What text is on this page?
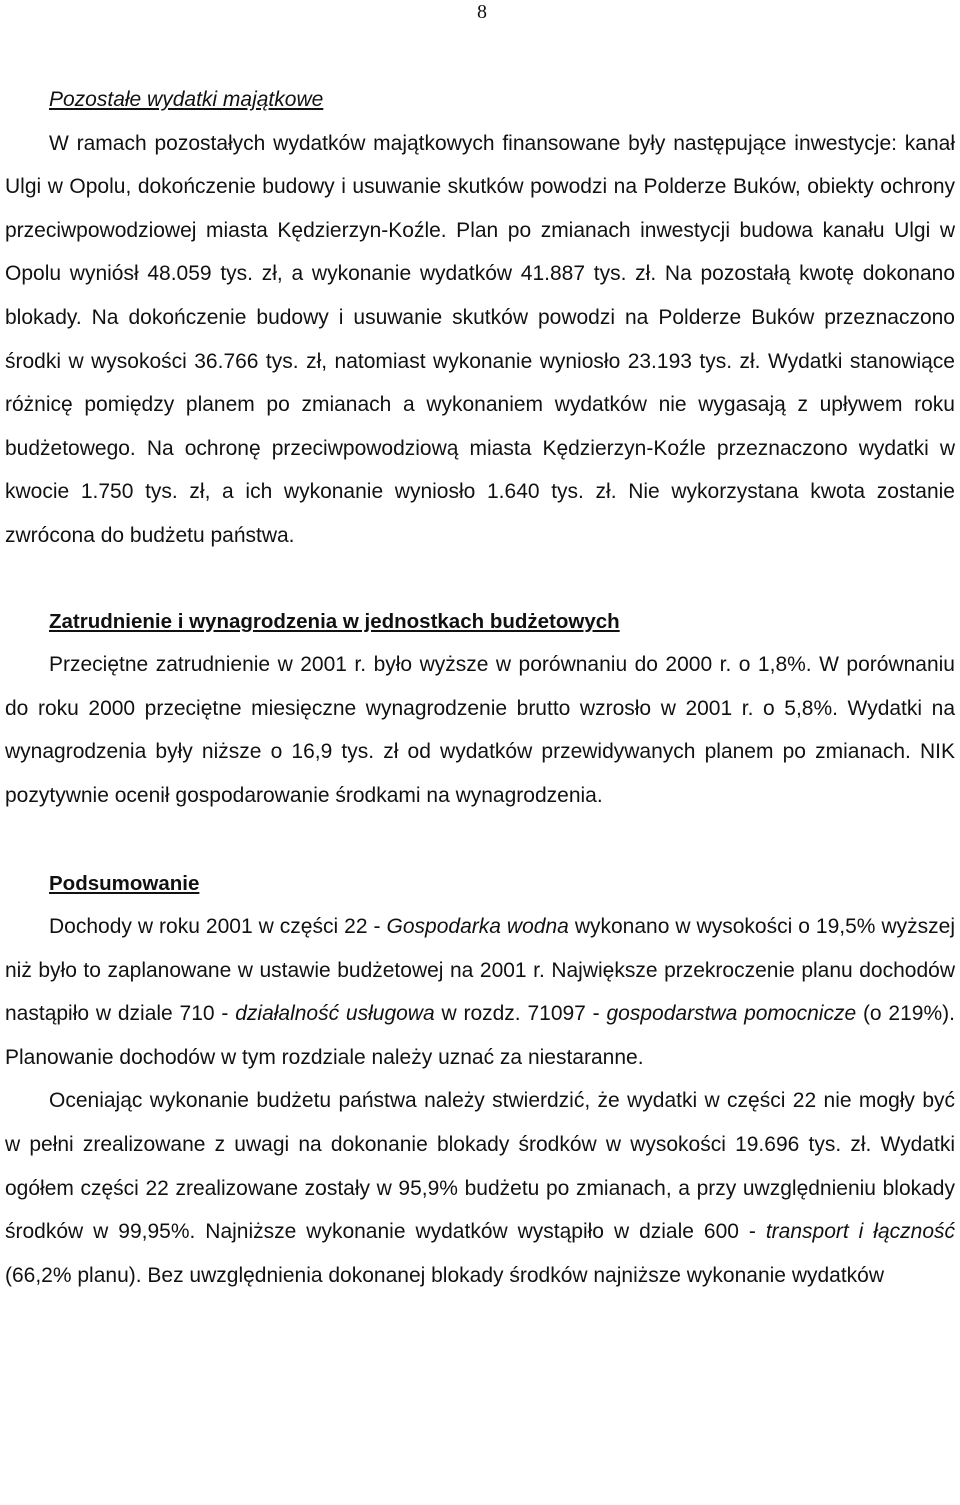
8
Pozostałe wydatki majątkowe

W ramach pozostałych wydatków majątkowych finansowane były następujące inwestycje: kanał Ulgi w Opolu, dokończenie budowy i usuwanie skutków powodzi na Polderze Buków, obiekty ochrony przeciwpowodziowej miasta Kędzierzyn-Koźle. Plan po zmianach inwestycji budowa kanału Ulgi w Opolu wyniósł 48.059 tys. zł, a wykonanie wydatków 41.887 tys. zł. Na pozostałą kwotę dokonano blokady. Na dokończenie budowy i usuwanie skutków powodzi na Polderze Buków przeznaczono środki w wysokości 36.766 tys. zł, natomiast wykonanie wyniosło 23.193 tys. zł. Wydatki stanowiące różnicę pomiędzy planem po zmianach a wykonaniem wydatków nie wygasają z upływem roku budżetowego. Na ochronę przeciwpowodziową miasta Kędzierzyn-Koźle przeznaczono wydatki w kwocie 1.750 tys. zł, a ich wykonanie wyniosło 1.640 tys. zł. Nie wykorzystana kwota zostanie zwrócona do budżetu państwa.

Zatrudnienie i wynagrodzenia w jednostkach budżetowych

Przeciętne zatrudnienie w 2001 r. było wyższe w porównaniu do 2000 r. o 1,8%. W porównaniu do roku 2000 przeciętne miesięczne wynagrodzenie brutto wzrosło w 2001 r. o 5,8%. Wydatki na wynagrodzenia były niższe o 16,9 tys. zł od wydatków przewidywanych planem po zmianach. NIK pozytywnie ocenił gospodarowanie środkami na wynagrodzenia.

Podsumowanie

Dochody w roku 2001 w części 22 - Gospodarka wodna wykonano w wysokości o 19,5% wyższej niż było to zaplanowane w ustawie budżetowej na 2001 r. Największe przekroczenie planu dochodów nastąpiło w dziale 710 - działalność usługowa w rozdz. 71097 - gospodarstwa pomocnicze (o 219%). Planowanie dochodów w tym rozdziale należy uznać za niestaranne.

Oceniając wykonanie budżetu państwa należy stwierdzić, że wydatki w części 22 nie mogły być w pełni zrealizowane z uwagi na dokonanie blokady środków w wysokości 19.696 tys. zł. Wydatki ogółem części 22 zrealizowane zostały w 95,9% budżetu po zmianach, a przy uwzględnieniu blokady środków w 99,95%. Najniższe wykonanie wydatków wystąpiło w dziale 600 - transport i łączność (66,2% planu). Bez uwzględnienia dokonanej blokady środków najniższe wykonanie wydatków
